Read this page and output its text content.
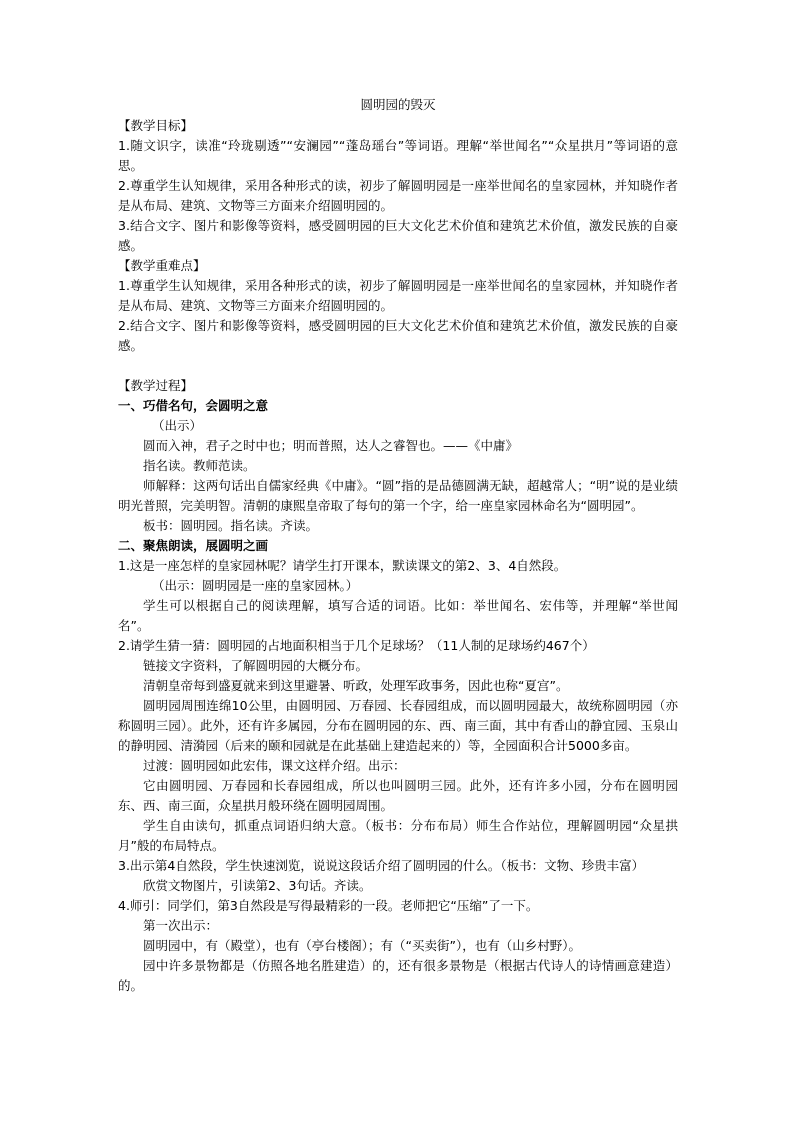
圆明园的毁灭

【教学目标】

1.随文识字，读准“玲珑剔透”“安澜园”“蓬岛瑶台”等词语。理解“举世闻名”“众星拱月”等词语的意思。

2.尊重学生认知规律，采用各种形式的读，初步了解圆明园是一座举世闻名的皇家园林，并知晓作者是从布局、建筑、文物等三方面来介绍圆明园的。

3.结合文字、图片和影像等资料，感受圆明园的巨大文化艺术价值和建筑艺术价值，激发民族的自豪感。

【教学重难点】

1.尊重学生认知规律，采用各种形式的读，初步了解圆明园是一座举世闻名的皇家园林，并知晓作者是从布局、建筑、文物等三方面来介绍圆明园的。

2.结合文字、图片和影像等资料，感受圆明园的巨大文化艺术价值和建筑艺术价值，激发民族的自豪感。

【教学过程】

一、巧借名句，会圆明之意

（出示）

圆而入神，君子之时中也；明而普照，达人之睿智也。——《中庸》

指名读。教师范读。

师解释：这两句话出自儒家经典《中庸》。“圆”指的是品德圆满无缺，超越常人；“明”说的是业绩明光普照，完美明智。清朝的康熙皇帝取了每句的第一个字，给一座皇家园林命名为“圆明园”。

板书：圆明园。指名读。齐读。

二、聚焦朗读，展圆明之画

1.这是一座怎样的皇家园林呢？请学生打开课本，默读课文的第2、3、4自然段。

（出示：圆明园是一座的皇家园林。）

学生可以根据自己的阅读理解，填写合适的词语。比如：举世闻名、宏伟等，并理解“举世闻名”。

2.请学生猜一猜：圆明园的占地面积相当于几个足球场？（11人制的足球场约467个）

链接文字资料，了解圆明园的大概分布。

清朝皇帝每到盛夏就来到这里避暑、听政，处理军政事务，因此也称“夏宫”。

圆明园周围连绵10公里，由圆明园、万春园、长春园组成，而以圆明园最大，故统称圆明园（亦称圆明三园）。此外，还有许多属园，分布在圆明园的东、西、南三面，其中有香山的静宜园、玉泉山的静明园、清漪园（后来的颐和园就是在此基础上建造起来的）等，全园面积合计5000多亩。

过渡：圆明园如此宏伟，课文这样介绍。出示：

它由圆明园、万春园和长春园组成，所以也叫圆明三园。此外，还有许多小园，分布在圆明园东、西、南三面，众星拱月般环绕在圆明园周围。

学生自由读句，抓重点词语归纳大意。（板书：分布布局）师生合作站位，理解圆明园“众星拱月”般的布局特点。

3.出示第4自然段，学生快速浏览，说说这段话介绍了圆明园的什么。（板书：文物、珍贵丰富）

欣赏文物图片，引读第2、3句话。齐读。

4.师引：同学们，第3自然段是写得最精彩的一段。老师把它“压缩”了一下。

第一次出示：

圆明园中，有（殿堂），也有（亭台楼阁）；有（“买卖街”），也有（山乡村野）。

园中许多景物都是（仿照各地名胜建造）的，还有很多景物是（根据古代诗人的诗情画意建造）的。
